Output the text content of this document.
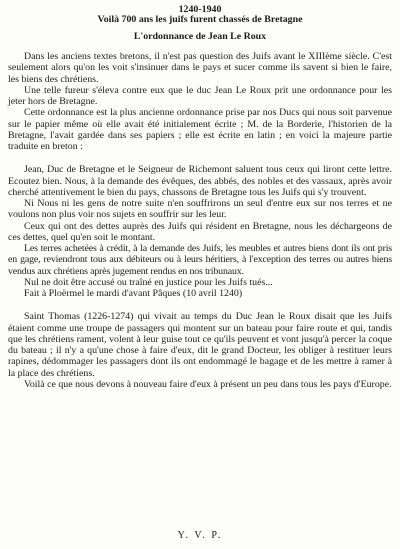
1240-1940
Voilà 700 ans les juifs furent chassés de Bretagne
L'ordonnance de Jean Le Roux

Dans les anciens textes bretons, il n'est pas question des Juifs avant le XIIIème siècle. C'est seulement alors qu'on les voit s'insinuer dans le pays et sucer comme ils savent si bien le faire, les biens des chrétiens.

Une telle fureur s'éleva contre eux que le duc Jean Le Roux prit une ordonnance pour les jeter hors de Bretagne.

Cette ordonnance est la plus ancienne ordonnance prise par nos Ducs qui nous soit parvenue sur le papier même où elle avait été initialement écrite ; M. de la Borderie, l'historien de la Bretagne, l'avait gardée dans ses papiers ; elle est écrite en latin ; en voici la majeure partie traduite en breton :

Jean, Duc de Bretagne et le Seigneur de Richemont saluent tous ceux qui liront cette lettre. Ecoutez bien. Nous, à la demande des évêques, des abbés, des nobles et des vassaux, après avoir cherché attentivement le bien du pays, chassons de Bretagne tous les Juifs qui s'y trouvent.

Ni Nous ni les gens de notre suite n'en souffrirons un seul d'entre eux sur nos terres et ne voulons non plus voir nos sujets en souffrir sur les leur.

Ceux qui ont des dettes auprès des Juifs qui résident en Bretagne, nous les déchargeons de ces dettes, quel qu'en soit le montant.

Les terres achetées à crédit, à la demande des Juifs, les meubles et autres biens dont ils ont pris en gage, reviendront tous aux débiteurs ou à leurs héritiers, à l'exception des terres ou autres biens vendus aux chrétiens après jugement rendus en nos tribunaux.

Nul ne doit être accusé ou traîné en justice pour les Juifs tués...

Fait à Ploërmel le mardi d'avant Pâques (10 avril 1240)

Saint Thomas (1226-1274) qui vivait au temps du Duc Jean le Roux disait que les Juifs étaient comme une troupe de passagers qui montent sur un bateau pour faire route et qui, tandis que les chrétiens rament, volent à leur guise tout ce qu'ils peuvent et vont jusqu'à percer la coque du bateau ; il n'y a qu'une chose à faire d'eux, dit le grand Docteur, les obliger à restituer leurs rapines, dédommager les passagers dont ils ont endommagé le bagage et de les mettre à ramer à la place des chrétiens.

Voilà ce que nous devons à nouveau faire d'eux à présent un peu dans tous les pays d'Europe.

Y. V. P.
